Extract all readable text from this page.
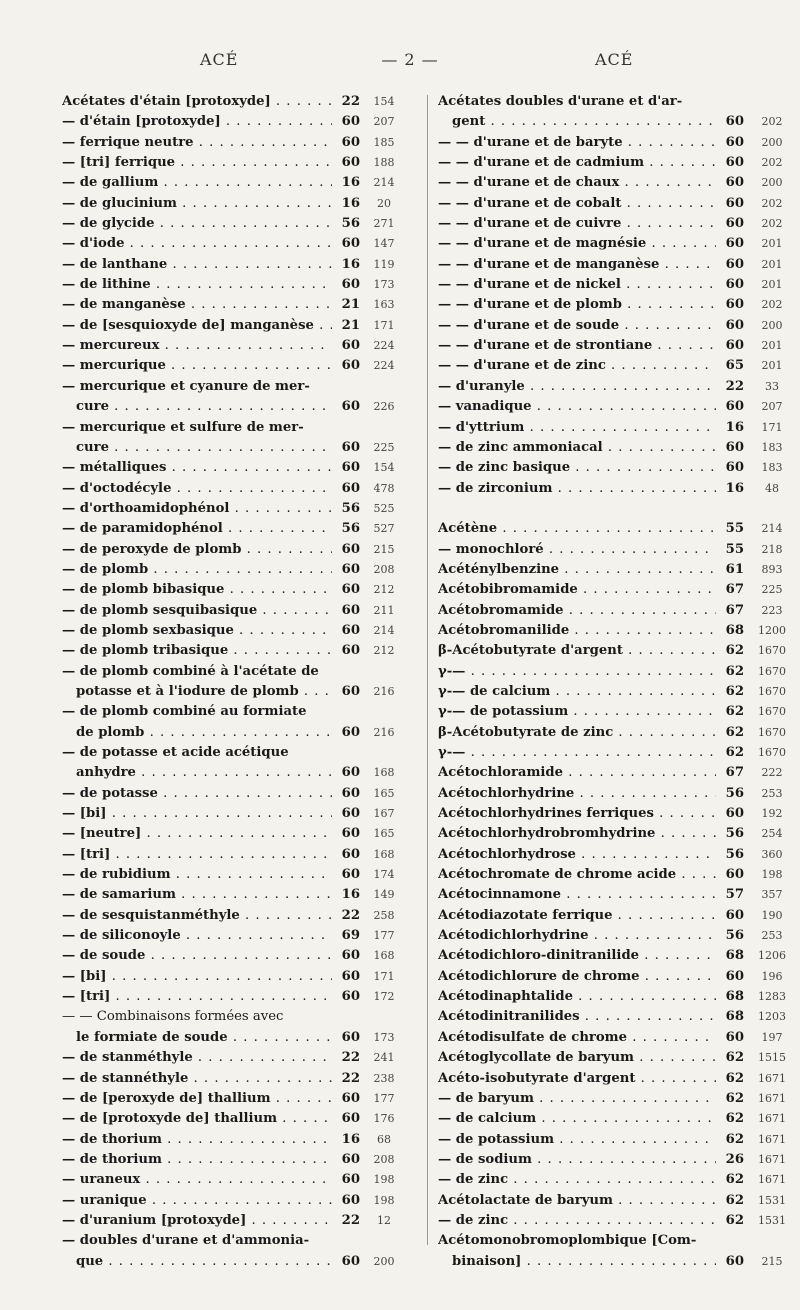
ACÉ	— 2 —	ACÉ
Acétates d'étain [protoxyde] . . .	22	154
— d'étain [protoxyde] . . .	60	207
— ferrique neutre . . .	60	185
— [tri] ferrique . . .	60	188
— de gallium . . .	16	214
— de glucinium . . .	16	20
— de glycide . . .	56	271
— d'iode . . .	60	147
— de lanthane . . .	16	119
— de lithine . . .	60	173
— de manganèse . . .	21	163
— de [sesquioxyde de] manganèse . . .	21	171
— mercureux . . .	60	224
— mercurique . . .	60	224
— mercurique et cyanure de mer-
cure . . .	60	226
— mercurique et sulfure de mer-
cure . . .	60	225
— métalliques . . .	60	154
— d'octodécyle . . .	60	478
— d'orthoamidophénol . . .	56	525
— de paramidophénol . . .	56	527
— de peroxyde de plomb . . .	60	215
— de plomb . . .	60	208
— de plomb bibasique . . .	60	212
— de plomb sesquibasique . . .	60	211
— de plomb sexbasique . . .	60	214
— de plomb tribasique . . .	60	212
— de plomb combiné à l'acétate de
potasse et à l'iodure de plomb . . .	60	216
— de plomb combiné au formiate
de plomb . . .	60	216
— de potasse et acide acétique
anhydre . . .	60	168
— de potasse . . .	60	165
— [bi] . . .	60	167
— [neutre] . . .	60	165
— [tri] . . .	60	168
— de rubidium . . .	60	174
— de samarium . . .	16	149
— de sesquistanméthyle . . .	22	258
— de siliconoyle . . .	69	177
— de soude . . .	60	168
— [bi] . . .	60	171
— [tri] . . .	60	172
— — Combinaisons formées avec
le formiate de soude . . .	60	173
— de stanméthyle . . .	22	241
— de stannéthyle . . .	22	238
— de [peroxyde de] thallium . . .	60	177
— de [protoxyde de] thallium . . .	60	176
— de thorium . . .	16	68
— de thorium . . .	60	208
— uraneux . . .	60	198
— uranique . . .	60	198
— d'uranium [protoxyde] . . .	22	12
— doubles d'urane et d'ammonia-
que . . .	60	200
Acétates doubles d'urane et d'ar-
gent . . .	60	202
— — d'urane et de baryte . . .	60	200
— — d'urane et de cadmium . . .	60	202
— — d'urane et de chaux . . .	60	200
— — d'urane et de cobalt . . .	60	202
— — d'urane et de cuivre . . .	60	202
— — d'urane et de magnésie . . .	60	201
— — d'urane et de manganèse . . .	60	201
— — d'urane et de nickel . . .	60	201
— — d'urane et de plomb . . .	60	202
— — d'urane et de soude . . .	60	200
— — d'urane et de strontiane . . .	60	201
— — d'urane et de zinc . . .	65	201
— d'uranyle . . .	22	33
— vanadique . . .	60	207
— d'yttrium . . .	16	171
— de zinc ammoniacal . . .	60	183
— de zinc basique . . .	60	183
— de zirconium . . .	16	48
Acétène . . .	55	214
— monochloré . . .	55	218
Acéténylbenzine . . .	61	893
Acétobibromamide . . .	67	225
Acétobromamide . . .	67	223
Acétobromanilide . . .	68	1200
β-Acétobutyrate d'argent . . .	62	1670
γ-— . . .	62	1670
γ-— de calcium . . .	62	1670
γ-— de potassium . . .	62	1670
β-Acétobutyrate de zinc . . .	62	1670
γ-— . . .	62	1670
Acétochloramide . . .	67	222
Acétochlorhydrine . . .	56	253
Acétochlorhydrines ferriques . . .	60	192
Acétochlorhydrobromhydrine . . .	56	254
Acétochlorhydrose . . .	56	360
Acétochromate de chrome acide . . .	60	198
Acétocinnamone . . .	57	357
Acétodiazotate ferrique . . .	60	190
Acétodichlorhydrine . . .	56	253
Acétodichloro-dinitranilide . . .	68	1206
Acétodichlorure de chrome . . .	60	196
Acétodinaphtalide . . .	68	1283
Acétodinitranilides . . .	68	1203
Acétodisulfate de chrome . . .	60	197
Acétoglycollate de baryum . . .	62	1515
Acéto-isobutyrate d'argent . . .	62	1671
— de baryum . . .	62	1671
— de calcium . . .	62	1671
— de potassium . . .	62	1671
— de sodium . . .	26	1671
— de zinc . . .	62	1671
Acétolactate de baryum . . .	62	1531
— de zinc . . .	62	1531
Acétomonobromoplombique [Com-
binaison] . . .	60	215
